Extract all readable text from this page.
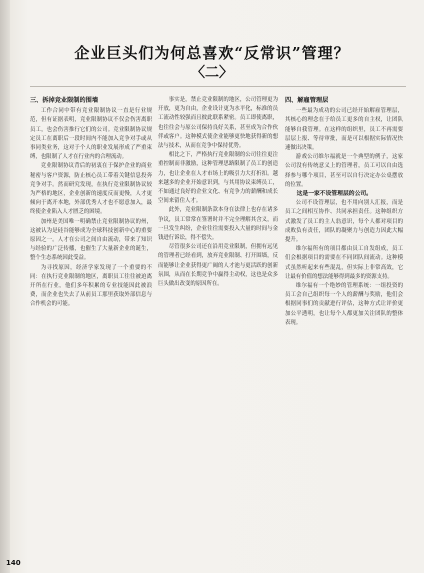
企业巨头们为何总喜欢“反常识”管理？
〈二〉
三、拆掉竞业限制的围墙

工作合同中带有竞业限制协议一直是行业规范，但有证据表明，竞业限制协议不仅会伤害离职员工，也会伤害推行它们的公司。竞业限制协议规定员工在离职后一段时间内不能加入竞争对手或从事同类业务，这对于个人的职业发展形成了严重束缚，也限制了人才在行业内的合理流动。

竞业限制协议背后的初衷在于保护企业的商业秘密与客户资源，防止核心员工带着关键信息投奔竞争对手。然而研究发现，在执行竞业限制协议较为严格的地区，企业创新的速度反而更慢，人才更倾向于离开本地，外部优秀人才也不愿意加入，最终使企业陷入人才匮乏的困境。

加州是美国唯一明确禁止竞业限制协议的州，这被认为是硅谷能够成为全球科技创新中心的重要原因之一。人才在公司之间自由流动，带来了知识与经验的广泛传播，也催生了大量新企业的诞生，整个生态系统因此受益。

为寻找原因，经济学家发现了一个重要的不同：在执行竞业限制的地区，离职员工往往被迫离开所在行业，他们多年积累的专业技能因此被浪费，而企业也失去了从前员工那里获取外部信息与合作机会的可能。

事实是，禁止竞业限制的地区，公司管理更为开放，更为自由，企业设计更为水平化，标准的员工流动性较强而且彼此联系紧密。员工即使离职，也往往会与原公司保持良好关系，甚至成为合作伙伴或客户。这种模式使企业能够更快地获得新的想法与技术，从而在竞争中保持优势。

相比之下，严格执行竞业限制的公司往往更注重控制而非激励，这种管理思路限制了员工的创造力，也让企业在人才市场上的吸引力大打折扣。越来越多的企业开始意识到，与其用协议束缚员工，不如通过良好的企业文化、有竞争力的薪酬和成长空间来留住人才。

此外，竞业限制条款本身在法律上也存在诸多争议，员工常常在签署时并不完全理解其含义，而一旦发生纠纷，企业往往需要投入大量的时间与金钱进行诉讼，得不偿失。

尽管很多公司还在沿用竞业限制，但拥有远见的管理者已经看到，放弃竞业限制、打开围墙，反而能够让企业获得更广阔的人才池与更活跃的创新氛围，从而在长期竞争中赢得主动权，这也是众多巨头做出改变的原因所在。

四、解雇管理层

一些最为成功的公司已经开始解雇管理层，其核心的理念在于给员工更多的自主权，让团队能够自我管理。在这样的组织里，员工不再需要层层上报、等待审批，而是可以根据实际情况快速做出决策。

游戏公司维尔福就是一个典型的例子，这家公司没有传统意义上的管理者，员工可以自由选择参与哪个项目，甚至可以自行决定办公桌摆放的位置。

这是一家不设管理层的公司。

公司不设管理层，也不用向别人汇报，而是员工之间相互协作、共同承担责任。这种组织方式激发了员工的主人翁意识，每个人都对项目的成败负有责任，团队的凝聚力与创造力因此大幅提升。

维尔福所有的项目都由员工自发组成，员工们会根据项目的需要在不同团队间流动。这种模式虽然听起来有些混乱，但实际上非常高效，它让最有价值的想法能够得到最多的资源支持。

维尔福有一个绝妙的管理系统：一组投资的员工会自己组织每一个人的薪酬与奖励，他们会根据同事们的贡献进行评估，这种方式让评价更加公平透明，也让每个人都更加关注团队的整体表现。

140
